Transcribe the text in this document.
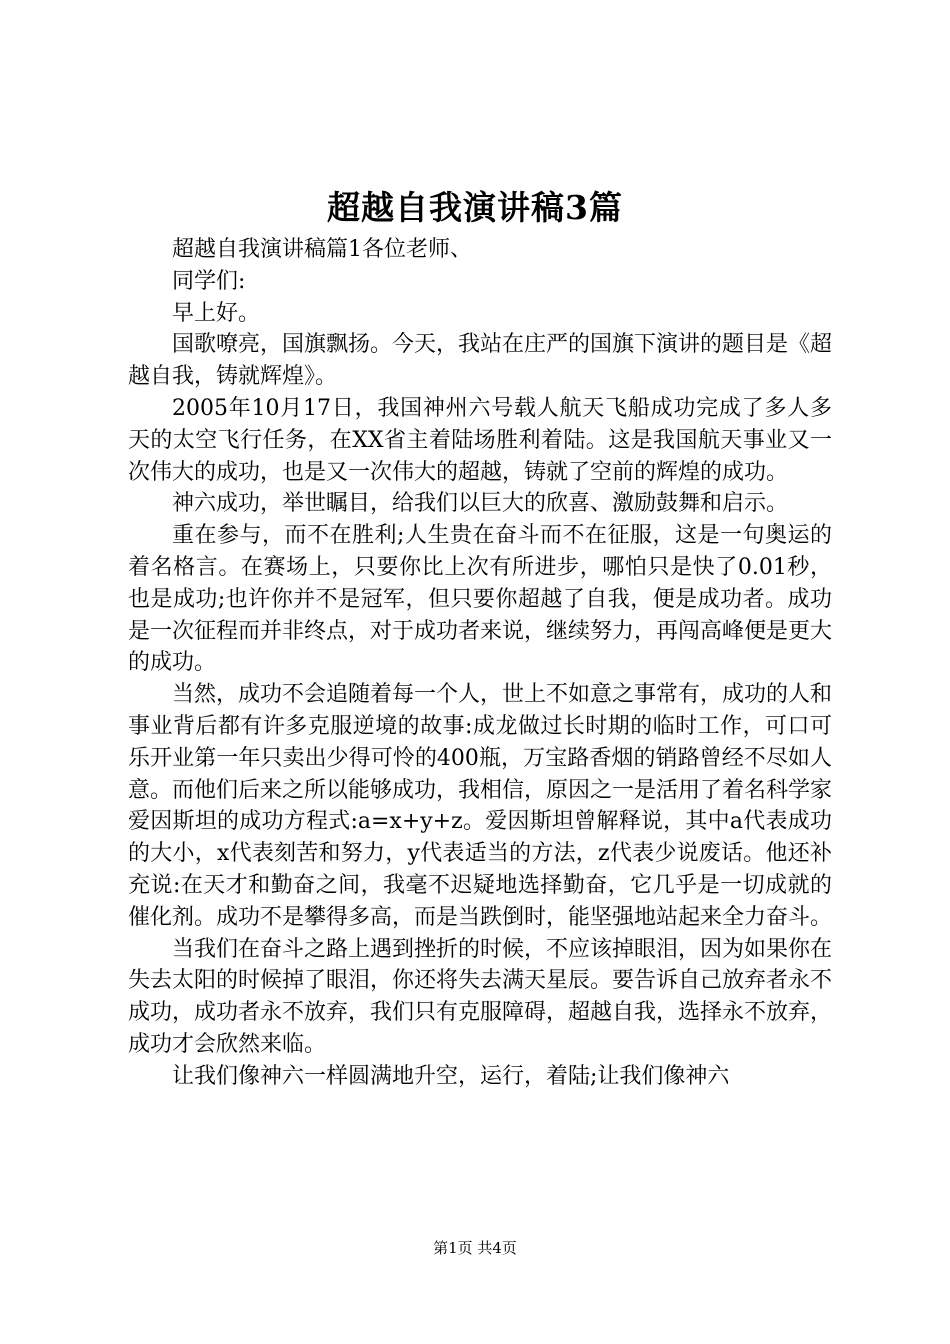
超越自我演讲稿3篇

超越自我演讲稿篇1各位老师、

同学们:

早上好。

国歌嘹亮，国旗飘扬。今天，我站在庄严的国旗下演讲的题目是《超越自我，铸就辉煌》。

2005年10月17日，我国神州六号载人航天飞船成功完成了多人多天的太空飞行任务，在XX省主着陆场胜利着陆。这是我国航天事业又一次伟大的成功，也是又一次伟大的超越，铸就了空前的辉煌的成功。

神六成功，举世瞩目，给我们以巨大的欣喜、激励鼓舞和启示。

重在参与，而不在胜利;人生贵在奋斗而不在征服，这是一句奥运的着名格言。在赛场上，只要你比上次有所进步，哪怕只是快了0.01秒，也是成功;也许你并不是冠军，但只要你超越了自我，便是成功者。成功是一次征程而并非终点，对于成功者来说，继续努力，再闯高峰便是更大的成功。

当然，成功不会追随着每一个人，世上不如意之事常有，成功的人和事业背后都有许多克服逆境的故事:成龙做过长时期的临时工作，可口可乐开业第一年只卖出少得可怜的400瓶，万宝路香烟的销路曾经不尽如人意。而他们后来之所以能够成功，我相信，原因之一是活用了着名科学家爱因斯坦的成功方程式:a=x+y+z。爱因斯坦曾解释说，其中a代表成功的大小，x代表刻苦和努力，y代表适当的方法，z代表少说废话。他还补充说:在天才和勤奋之间，我毫不迟疑地选择勤奋，它几乎是一切成就的催化剂。成功不是攀得多高，而是当跌倒时，能坚强地站起来全力奋斗。

当我们在奋斗之路上遇到挫折的时候，不应该掉眼泪，因为如果你在失去太阳的时候掉了眼泪，你还将失去满天星辰。要告诉自己放弃者永不成功，成功者永不放弃，我们只有克服障碍，超越自我，选择永不放弃，成功才会欣然来临。

让我们像神六一样圆满地升空，运行，着陆;让我们像神六

第1页 共4页
